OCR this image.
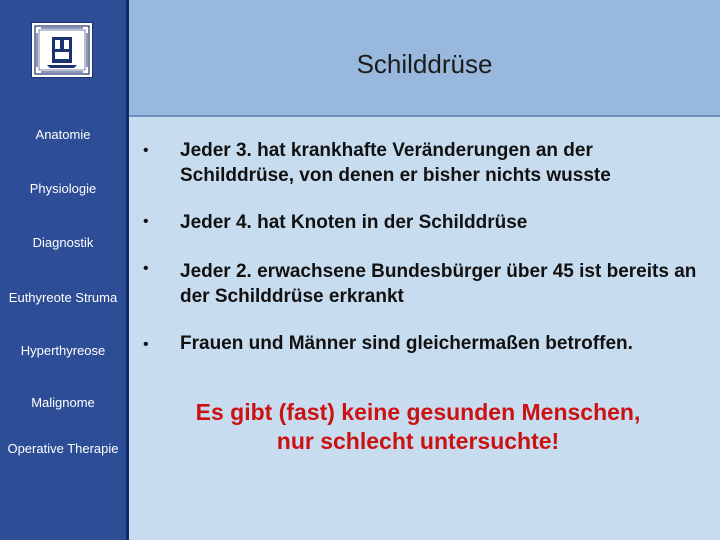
Anatomie
Physiologie
Diagnostik
Euthyreote Struma
Hyperthyreose
Malignome
Operative Therapie
Schilddrüse
• Jeder 3. hat krankhafte Veränderungen an der Schilddrüse, von denen er bisher nichts wusste
• Jeder 4. hat Knoten in der Schilddrüse
• Jeder 2. erwachsene Bundesbürger über 45 ist bereits an der Schilddrüse erkrankt
• Frauen und Männer sind gleichermaßen betroffen.
Es gibt (fast) keine gesunden Menschen,
nur schlecht untersuchte!
